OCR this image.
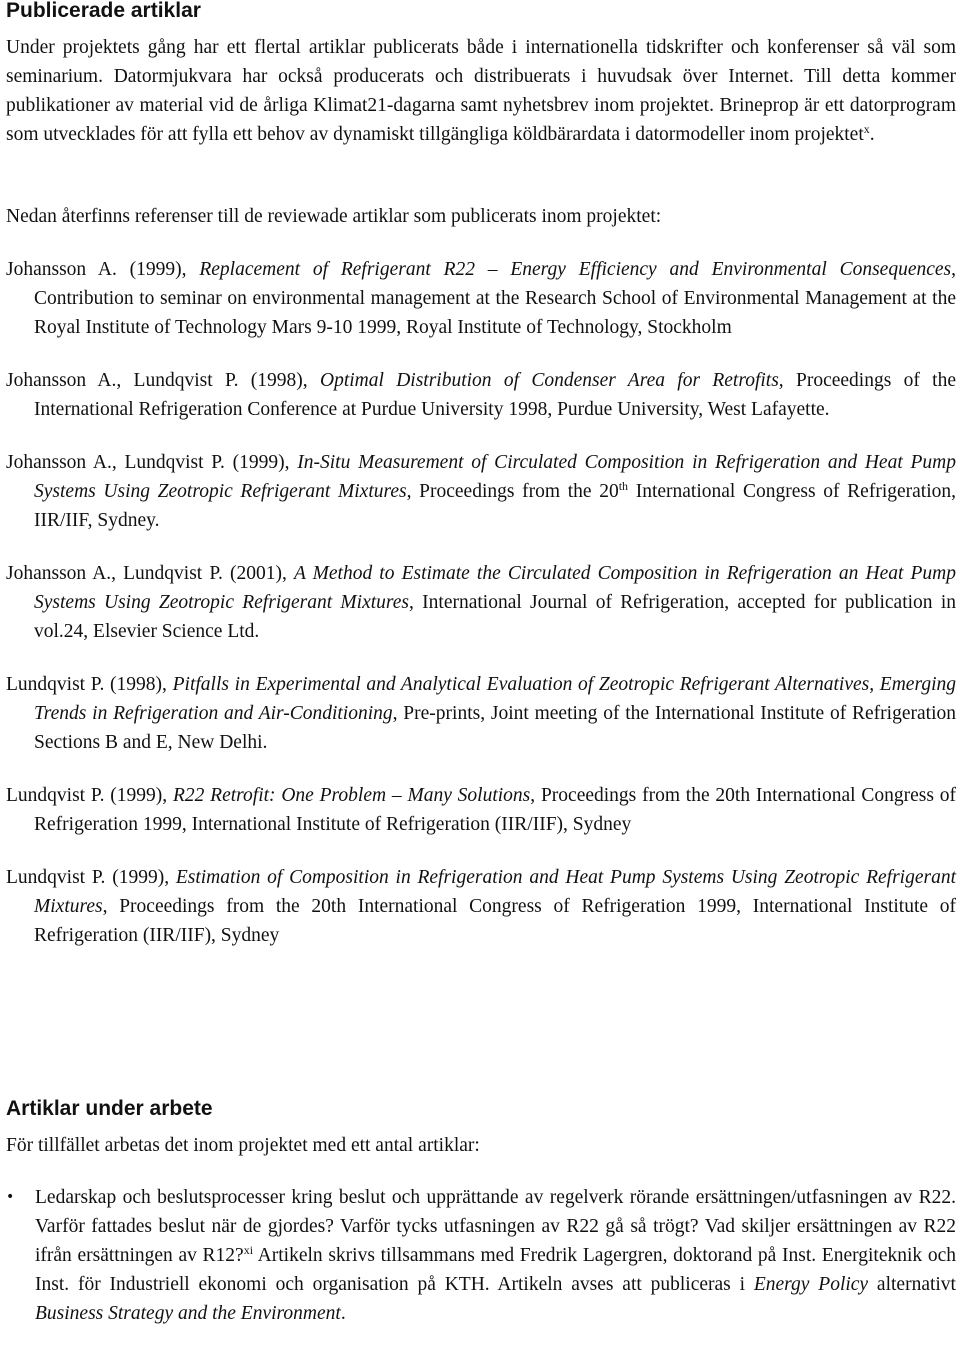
Publicerade artiklar

Under projektets gång har ett flertal artiklar publicerats både i internationella tidskrifter och konferenser så väl som seminarium. Datormjukvara har också producerats och distribuerats i huvudsak över Internet. Till detta kommer publikationer av material vid de årliga Klimat21-dagarna samt nyhetsbrev inom projektet. Brineprop är ett datorprogram som utvecklades för att fylla ett behov av dynamiskt tillgängliga köldbärardata i datormodeller inom projektet$^x$.

Nedan återfinns referenser till de reviewade artiklar som publicerats inom projektet:

Johansson A. (1999), Replacement of Refrigerant R22 – Energy Efficiency and Environmental Consequences, Contribution to seminar on environmental management at the Research School of Environmental Management at the Royal Institute of Technology Mars 9-10 1999, Royal Institute of Technology, Stockholm
Johansson A., Lundqvist P. (1998), Optimal Distribution of Condenser Area for Retrofits, Proceedings of the International Refrigeration Conference at Purdue University 1998, Purdue University, West Lafayette.
Johansson A., Lundqvist P. (1999), In-Situ Measurement of Circulated Composition in Refrigeration and Heat Pump Systems Using Zeotropic Refrigerant Mixtures, Proceedings from the 20th International Congress of Refrigeration, IIR/IIF, Sydney.
Johansson A., Lundqvist P. (2001), A Method to Estimate the Circulated Composition in Refrigeration an Heat Pump Systems Using Zeotropic Refrigerant Mixtures, International Journal of Refrigeration, accepted for publication in vol.24, Elsevier Science Ltd.
Lundqvist P. (1998), Pitfalls in Experimental and Analytical Evaluation of Zeotropic Refrigerant Alternatives, Emerging Trends in Refrigeration and Air-Conditioning, Pre-prints, Joint meeting of the International Institute of Refrigeration Sections B and E, New Delhi.
Lundqvist P. (1999), R22 Retrofit: One Problem – Many Solutions, Proceedings from the 20th International Congress of Refrigeration 1999, International Institute of Refrigeration (IIR/IIF), Sydney
Lundqvist P. (1999), Estimation of Composition in Refrigeration and Heat Pump Systems Using Zeotropic Refrigerant Mixtures, Proceedings from the 20th International Congress of Refrigeration 1999, International Institute of Refrigeration (IIR/IIF), Sydney
Artiklar under arbete

För tillfället arbetas det inom projektet med ett antal artiklar:

• Ledarskap och beslutsprocesser kring beslut och upprättande av regelverk rörande ersättningen/utfasningen av R22. Varför fattades beslut när de gjordes? Varför tycks utfasningen av R22 gå så trögt? Vad skiljer ersättningen av R22 ifrån ersättningen av R12?$^{xi}$ Artikeln skrivs tillsammans med Fredrik Lagergren, doktorand på Inst. Energiteknik och Inst. för Industriell ekonomi och organisation på KTH. Artikeln avses att publiceras i Energy Policy alternativt Business Strategy and the Environment.
